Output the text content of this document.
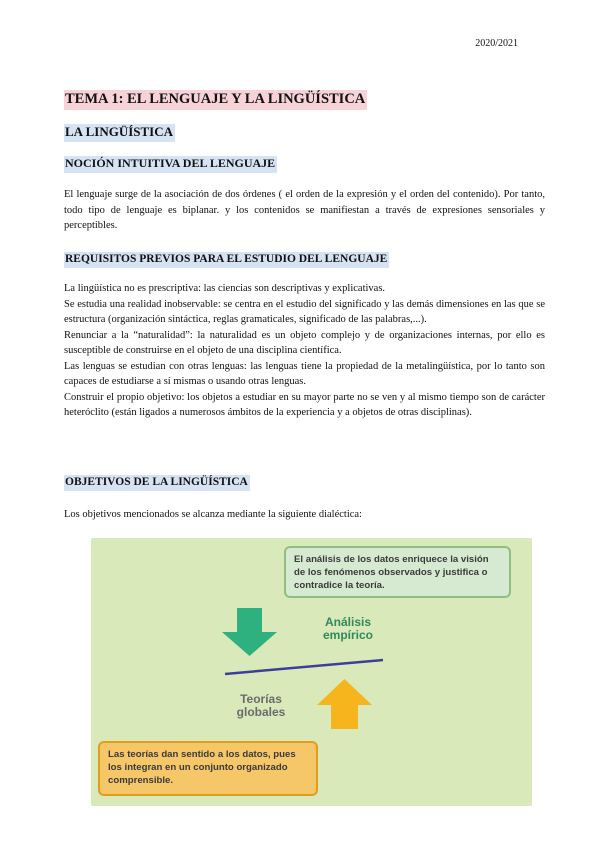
2020/2021
TEMA 1: EL LENGUAJE Y LA LINGÜÍSTICA
LA LINGÜÍSTICA
NOCIÓN INTUITIVA DEL LENGUAJE
El lenguaje surge de la asociación de dos órdenes ( el orden de la expresión y el orden del contenido). Por tanto, todo tipo de lenguaje es biplanar. y los contenidos se manifiestan a través de expresiones sensoriales y perceptibles.
REQUISITOS PREVIOS PARA EL ESTUDIO DEL LENGUAJE

La lingüística no es prescriptiva: las ciencias son descriptivas y explicativas.

Se estudia una realidad inobservable: se centra en el estudio del significado y las demás dimensiones en las que se estructura (organización sintáctica, reglas gramaticales, significado de las palabras,...).

Renunciar a la “naturalidad”: la naturalidad es un objeto complejo y de organizaciones internas, por ello es susceptible de construirse en el objeto de una disciplina científica.

Las lenguas se estudian con otras lenguas: las lenguas tiene la propiedad de la metalingüística, por lo tanto son capaces de estudiarse a sí mismas o usando otras lenguas.

Construir el propio objetivo: los objetos a estudiar en su mayor parte no se ven y al mismo tiempo son de carácter heteróclito (están ligados a numerosos ámbitos de la experiencia y a objetos de otras disciplinas).

OBJETIVOS DE LA LINGÜÍSTICA
Los objetivos mencionados se alcanza mediante la siguiente dialéctica:
El análisis de los datos enriquece la visión de los fenómenos observados y justifica o contradice la teoría.
Análisis empírico
Teorías globales
Las teorías dan sentido a los datos, pues los integran en un conjunto organizado comprensible.
